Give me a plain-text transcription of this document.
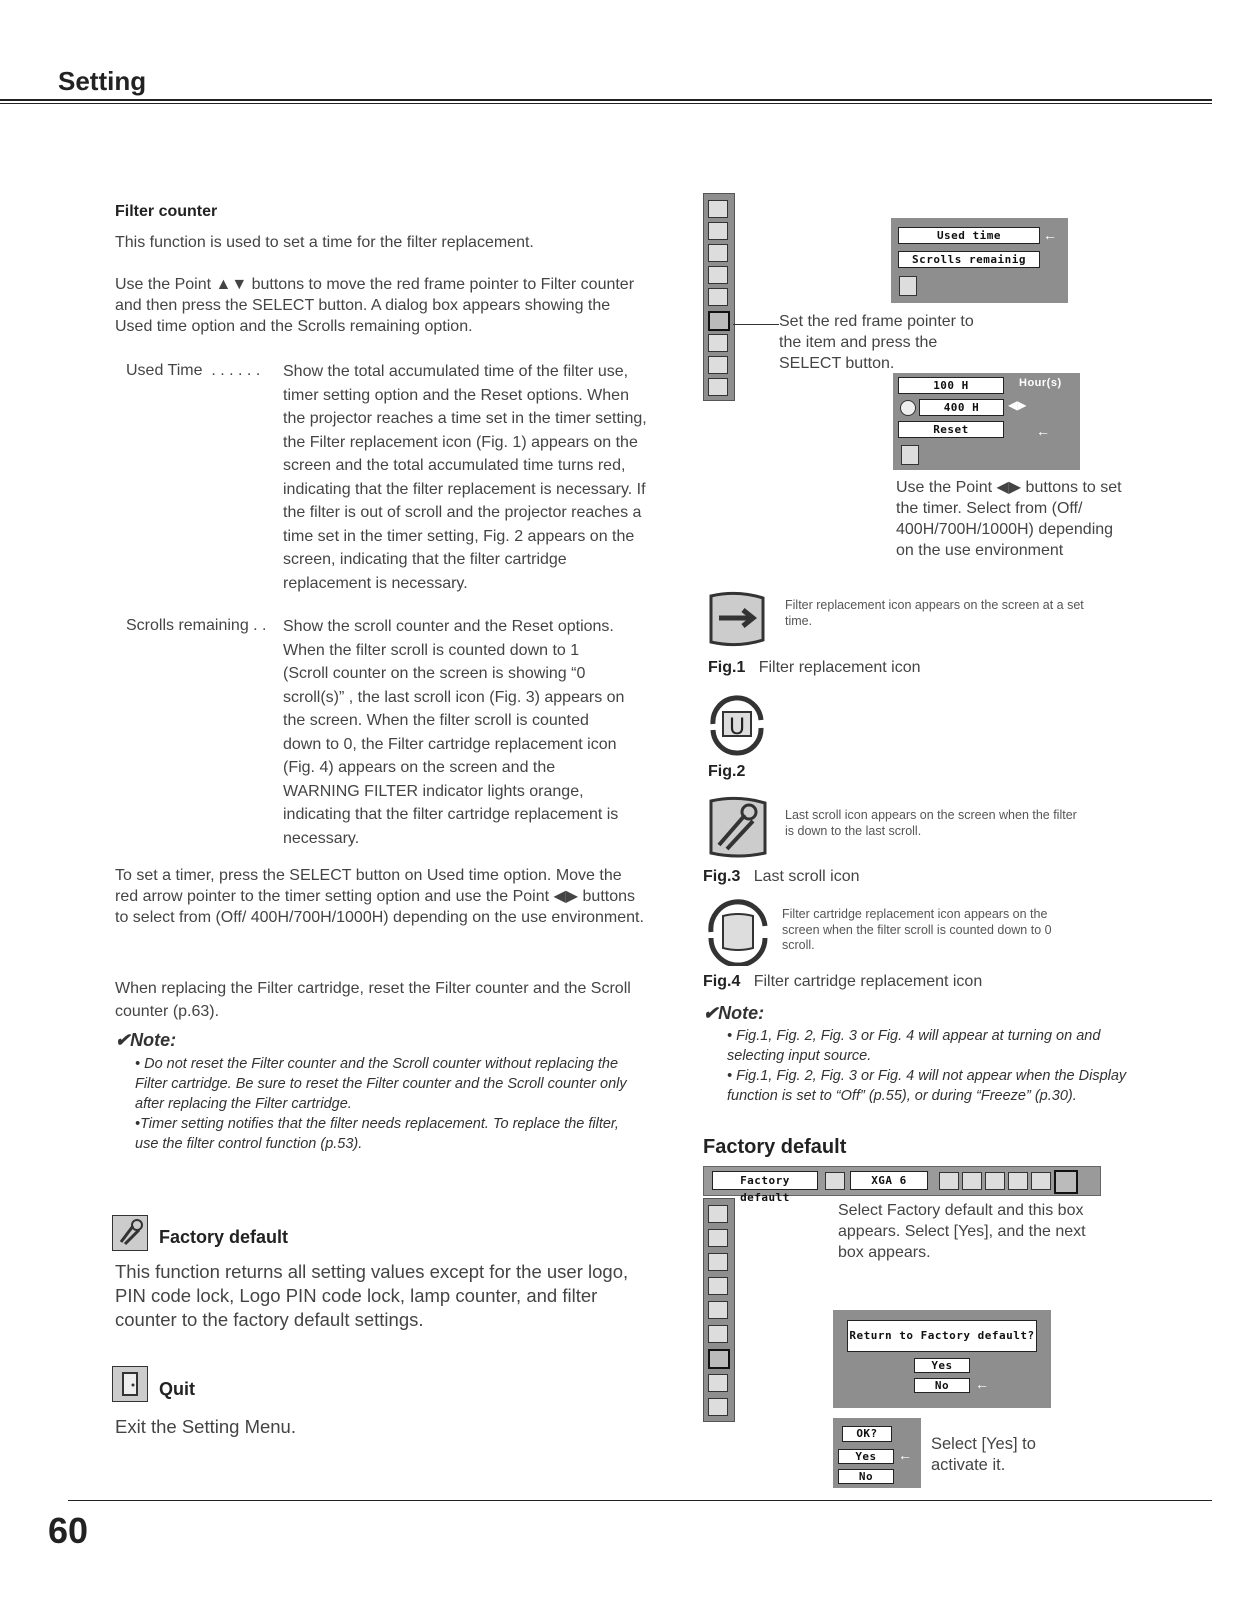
Setting
Filter counter
This function is used to set a time for the filter replacement.
Use the Point ▲▼ buttons to move the red frame pointer to Filter counter and then press the SELECT button. A dialog box appears showing the Used time option and the Scrolls remaining option.
Used Time  . . . . . .	Show the total accumulated time of the filter use, timer setting option and the Reset options. When the projector reaches a time set in the timer setting, the Filter replacement icon (Fig. 1) appears on the screen and the total accumulated time turns red, indicating that the filter replacement is necessary. If the filter is out of scroll and the projector reaches a time set in the timer setting, Fig. 2 appears on the screen, indicating that the filter cartridge replacement is necessary.
Scrolls remaining . .	Show the scroll counter and the Reset options. When the filter scroll is counted down to 1 (Scroll counter on the screen is showing “0 scroll(s)” , the last scroll icon (Fig. 3) appears on the screen. When the filter scroll is counted down to 0, the Filter cartridge replacement icon (Fig. 4) appears on the screen and the WARNING FILTER indicator lights orange, indicating that the filter cartridge replacement is necessary.
To set a timer, press the SELECT button on Used time option. Move the red arrow pointer to the timer setting option and use the Point ◀▶ buttons to select from (Off/ 400H/700H/1000H) depending on the use environment.
When replacing the Filter cartridge, reset the Filter counter and the Scroll counter (p.63).
✔Note:
• Do not reset the Filter counter and the Scroll counter without replacing the Filter cartridge. Be sure to reset the Filter counter and the Scroll counter only after replacing the Filter cartridge.
•Timer setting notifies that the filter needs replacement. To replace the filter, use the filter control function (p.53).
Factory default
This function returns all setting values except for the user logo, PIN code lock, Logo PIN code lock, lamp counter, and filter counter to the factory default settings.
Quit
Exit the Setting Menu.
Used time	←
Scrolls remainig
Set the red frame pointer to the item and press the SELECT button.
100 H	Hour(s)
400 H	◀▶
Reset	←
Use the Point ◀▶ buttons to set the timer. Select from (Off/ 400H/700H/1000H) depending on the use environment
Filter replacement icon appears on the screen at a set time.
Fig.1 Filter replacement icon
U
Fig.2
Last scroll icon appears on the screen when the filter is down to the last scroll.
Fig.3 Last scroll icon
Filter cartridge replacement icon appears on the screen when the filter scroll is counted down to 0 scroll.
Fig.4 Filter cartridge replacement icon
✔Note:
• Fig.1, Fig. 2, Fig. 3 or Fig. 4 will appear at turning on and selecting input source.
• Fig.1, Fig. 2, Fig. 3 or Fig. 4 will not appear when the Display function is set to “Off” (p.55), or during “Freeze” (p.30).
Factory default
Factory default
XGA 6
Select Factory default and this box appears. Select [Yes], and the next box appears.
Return to Factory default?
Yes
No	←
OK?
Yes	←
No
Select [Yes] to activate it.
60
